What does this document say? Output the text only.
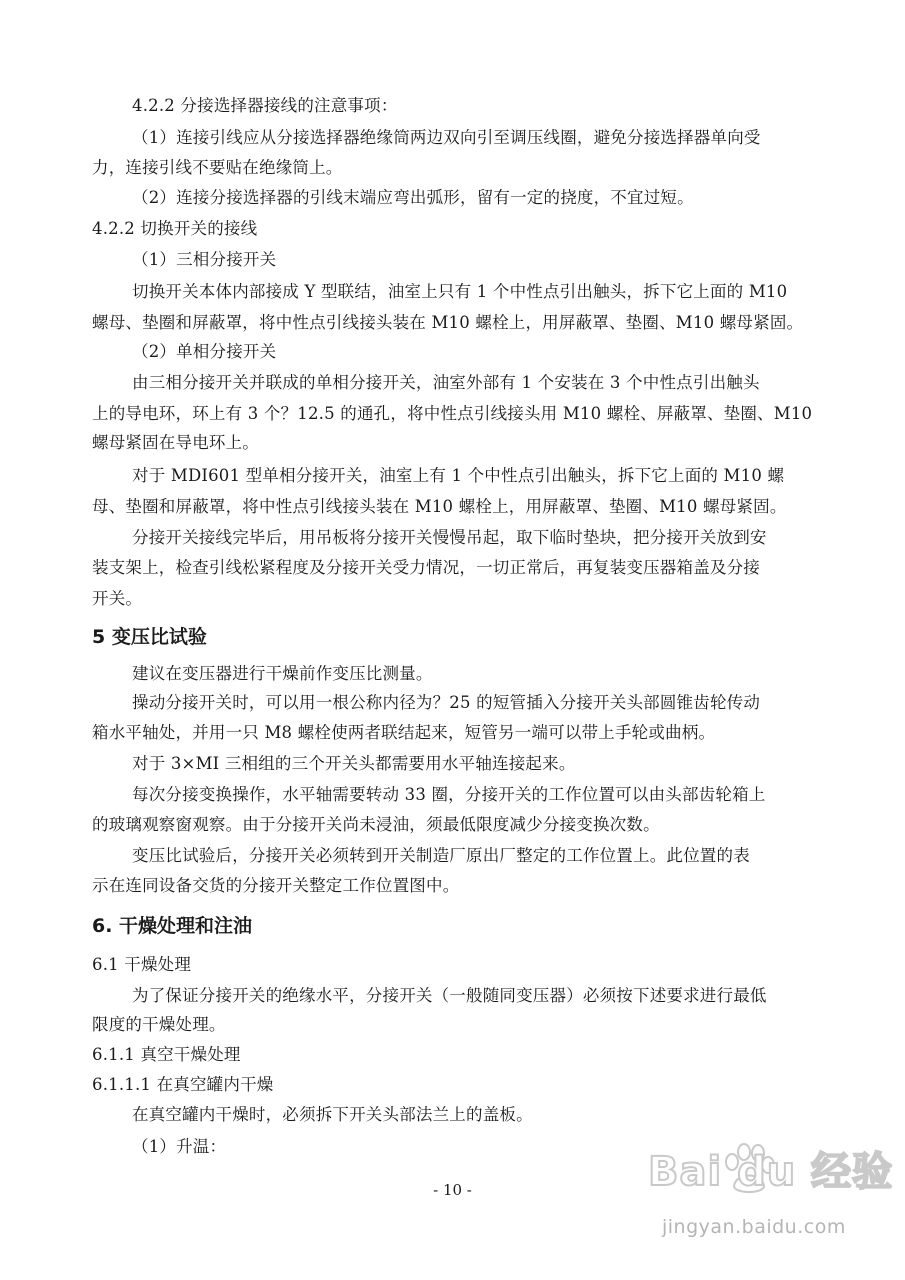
4.2.2 分接选择器接线的注意事项：
（1）连接引线应从分接选择器绝缘筒两边双向引至调压线圈，避免分接选择器单向受
力，连接引线不要贴在绝缘筒上。
（2）连接分接选择器的引线末端应弯出弧形，留有一定的挠度，不宜过短。
4.2.2 切换开关的接线
（1）三相分接开关
切换开关本体内部接成 Y 型联结，油室上只有 1 个中性点引出触头，拆下它上面的 M10
螺母、垫圈和屏蔽罩，将中性点引线接头装在 M10 螺栓上，用屏蔽罩、垫圈、M10 螺母紧固。
（2）单相分接开关
由三相分接开关并联成的单相分接开关，油室外部有 1 个安装在 3 个中性点引出触头
上的导电环，环上有 3 个？12.5 的通孔，将中性点引线接头用 M10 螺栓、屏蔽罩、垫圈、M10
螺母紧固在导电环上。
对于 MDI601 型单相分接开关，油室上有 1 个中性点引出触头，拆下它上面的 M10 螺
母、垫圈和屏蔽罩，将中性点引线接头装在 M10 螺栓上，用屏蔽罩、垫圈、M10 螺母紧固。
分接开关接线完毕后，用吊板将分接开关慢慢吊起，取下临时垫块，把分接开关放到安
装支架上，检查引线松紧程度及分接开关受力情况，一切正常后，再复装变压器箱盖及分接
开关。
5 变压比试验
建议在变压器进行干燥前作变压比测量。
操动分接开关时，可以用一根公称内径为？25 的短管插入分接开关头部圆锥齿轮传动
箱水平轴处，并用一只 M8 螺栓使两者联结起来，短管另一端可以带上手轮或曲柄。
对于 3×MI 三相组的三个开关头都需要用水平轴连接起来。
每次分接变换操作，水平轴需要转动 33 圈，分接开关的工作位置可以由头部齿轮箱上
的玻璃观察窗观察。由于分接开关尚未浸油，须最低限度减少分接变换次数。
变压比试验后，分接开关必须转到开关制造厂原出厂整定的工作位置上。此位置的表
示在连同设备交货的分接开关整定工作位置图中。
6. 干燥处理和注油
6.1 干燥处理
为了保证分接开关的绝缘水平，分接开关（一般随同变压器）必须按下述要求进行最低
限度的干燥处理。
6.1.1 真空干燥处理
6.1.1.1 在真空罐内干燥
在真空罐内干燥时，必须拆下开关头部法兰上的盖板。
（1）升温：
- 10 -	Bai du 经验
jingyan.baidu.com
